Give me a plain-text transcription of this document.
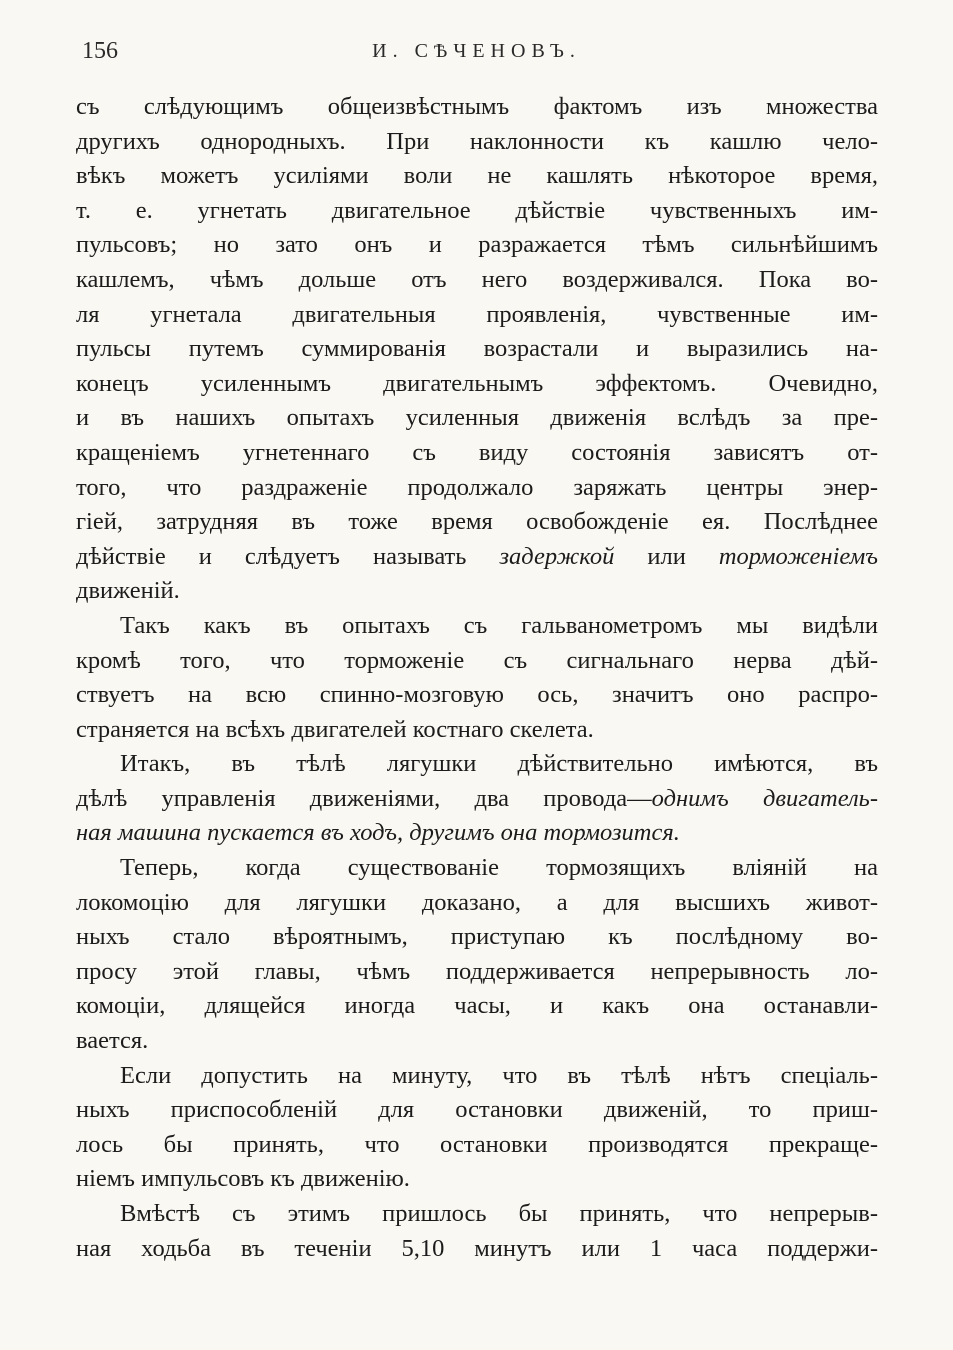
156	И. СѢЧЕНОВЪ.
съ слѣдующимъ общеизвѣстнымъ фактомъ изъ множества
другихъ однородныхъ. При наклонности къ кашлю чело-
вѣкъ можетъ усиліями воли не кашлять нѣкоторое время,
т. е. угнетать двигательное дѣйствіе чувственныхъ им-
пульсовъ; но зато онъ и разражается тѣмъ сильнѣйшимъ
кашлемъ, чѣмъ дольше отъ него воздерживался. Пока во-
ля угнетала двигательныя проявленія, чувственные им-
пульсы путемъ суммированія возрастали и выразились на-
конецъ усиленнымъ двигательнымъ эффектомъ. Очевидно,
и въ нашихъ опытахъ усиленныя движенія вслѣдъ за пре-
кращеніемъ угнетеннаго съ виду состоянія зависятъ от-
того, что раздраженіе продолжало заряжать центры энер-
гіей, затрудняя въ тоже время освобожденіе ея. Послѣднее
дѣйствіе и слѣдуетъ называть задержкой или торможеніемъ
движеній.
Такъ какъ въ опытахъ съ гальванометромъ мы видѣли
кромѣ того, что торможеніе съ сигнальнаго нерва дѣй-
ствуетъ на всю спинно-мозговую ось, значитъ оно распро-
страняется на всѣхъ двигателей костнаго скелета.
Итакъ, въ тѣлѣ лягушки дѣйствительно имѣются, въ
дѣлѣ управленія движеніями, два провода—однимъ двигатель-
ная машина пускается въ ходъ, другимъ она тормозится.
Теперь, когда существованіе тормозящихъ вліяній на
локомоцію для лягушки доказано, а для высшихъ живот-
ныхъ стало вѣроятнымъ, приступаю къ послѣдному во-
просу этой главы, чѣмъ поддерживается непрерывность ло-
комоціи, длящейся иногда часы, и какъ она останавли-
вается.
Если допустить на минуту, что въ тѣлѣ нѣтъ спеціаль-
ныхъ приспособленій для остановки движеній, то приш-
лось бы принять, что остановки производятся прекраще-
ніемъ импульсовъ къ движенію.
Вмѣстѣ съ этимъ пришлось бы принять, что непрерыв-
ная ходьба въ теченіи 5,10 минутъ или 1 часа поддержи-
